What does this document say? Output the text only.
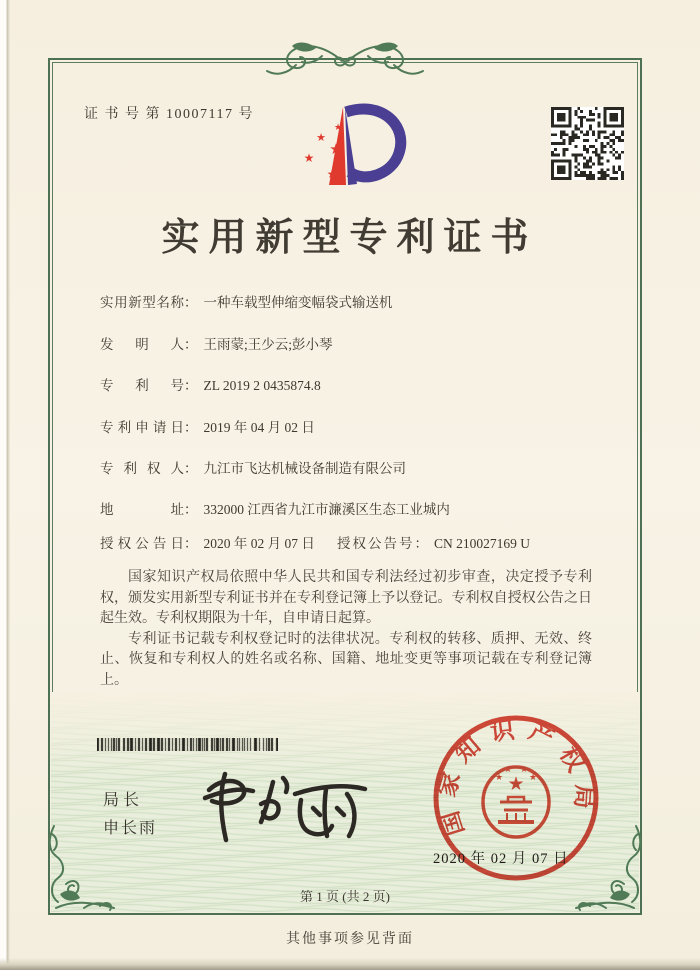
证 书 号 第 10007117 号
★
★
★
★
★
实用新型专利证书
实用新型名称： 一种车载型伸缩变幅袋式输送机
发明人： 王雨蒙;王少云;彭小琴
专利号： ZL 2019 2 0435874.8
专利申请日： 2019 年 04 月 02 日
专利权人： 九江市飞达机械设备制造有限公司
地址： 332000 江西省九江市濂溪区生态工业城内
授权公告日： 2020 年 02 月 07 日 授权公告号： CN 210027169 U

国家知识产权局依照中华人民共和国专利法经过初步审查，决定授予专利权，颁发实用新型专利证书并在专利登记簿上予以登记。专利权自授权公告之日起生效。专利权期限为十年，自申请日起算。

专利证书记载专利权登记时的法律状况。专利权的转移、质押、无效、终止、恢复和专利权人的姓名或名称、国籍、地址变更等事项记载在专利登记簿上。

局长
申长雨	国家知识产权局
★
★
★ ★
★
2020 年 02 月 07 日
第 1 页 (共 2 页)
其他事项参见背面
